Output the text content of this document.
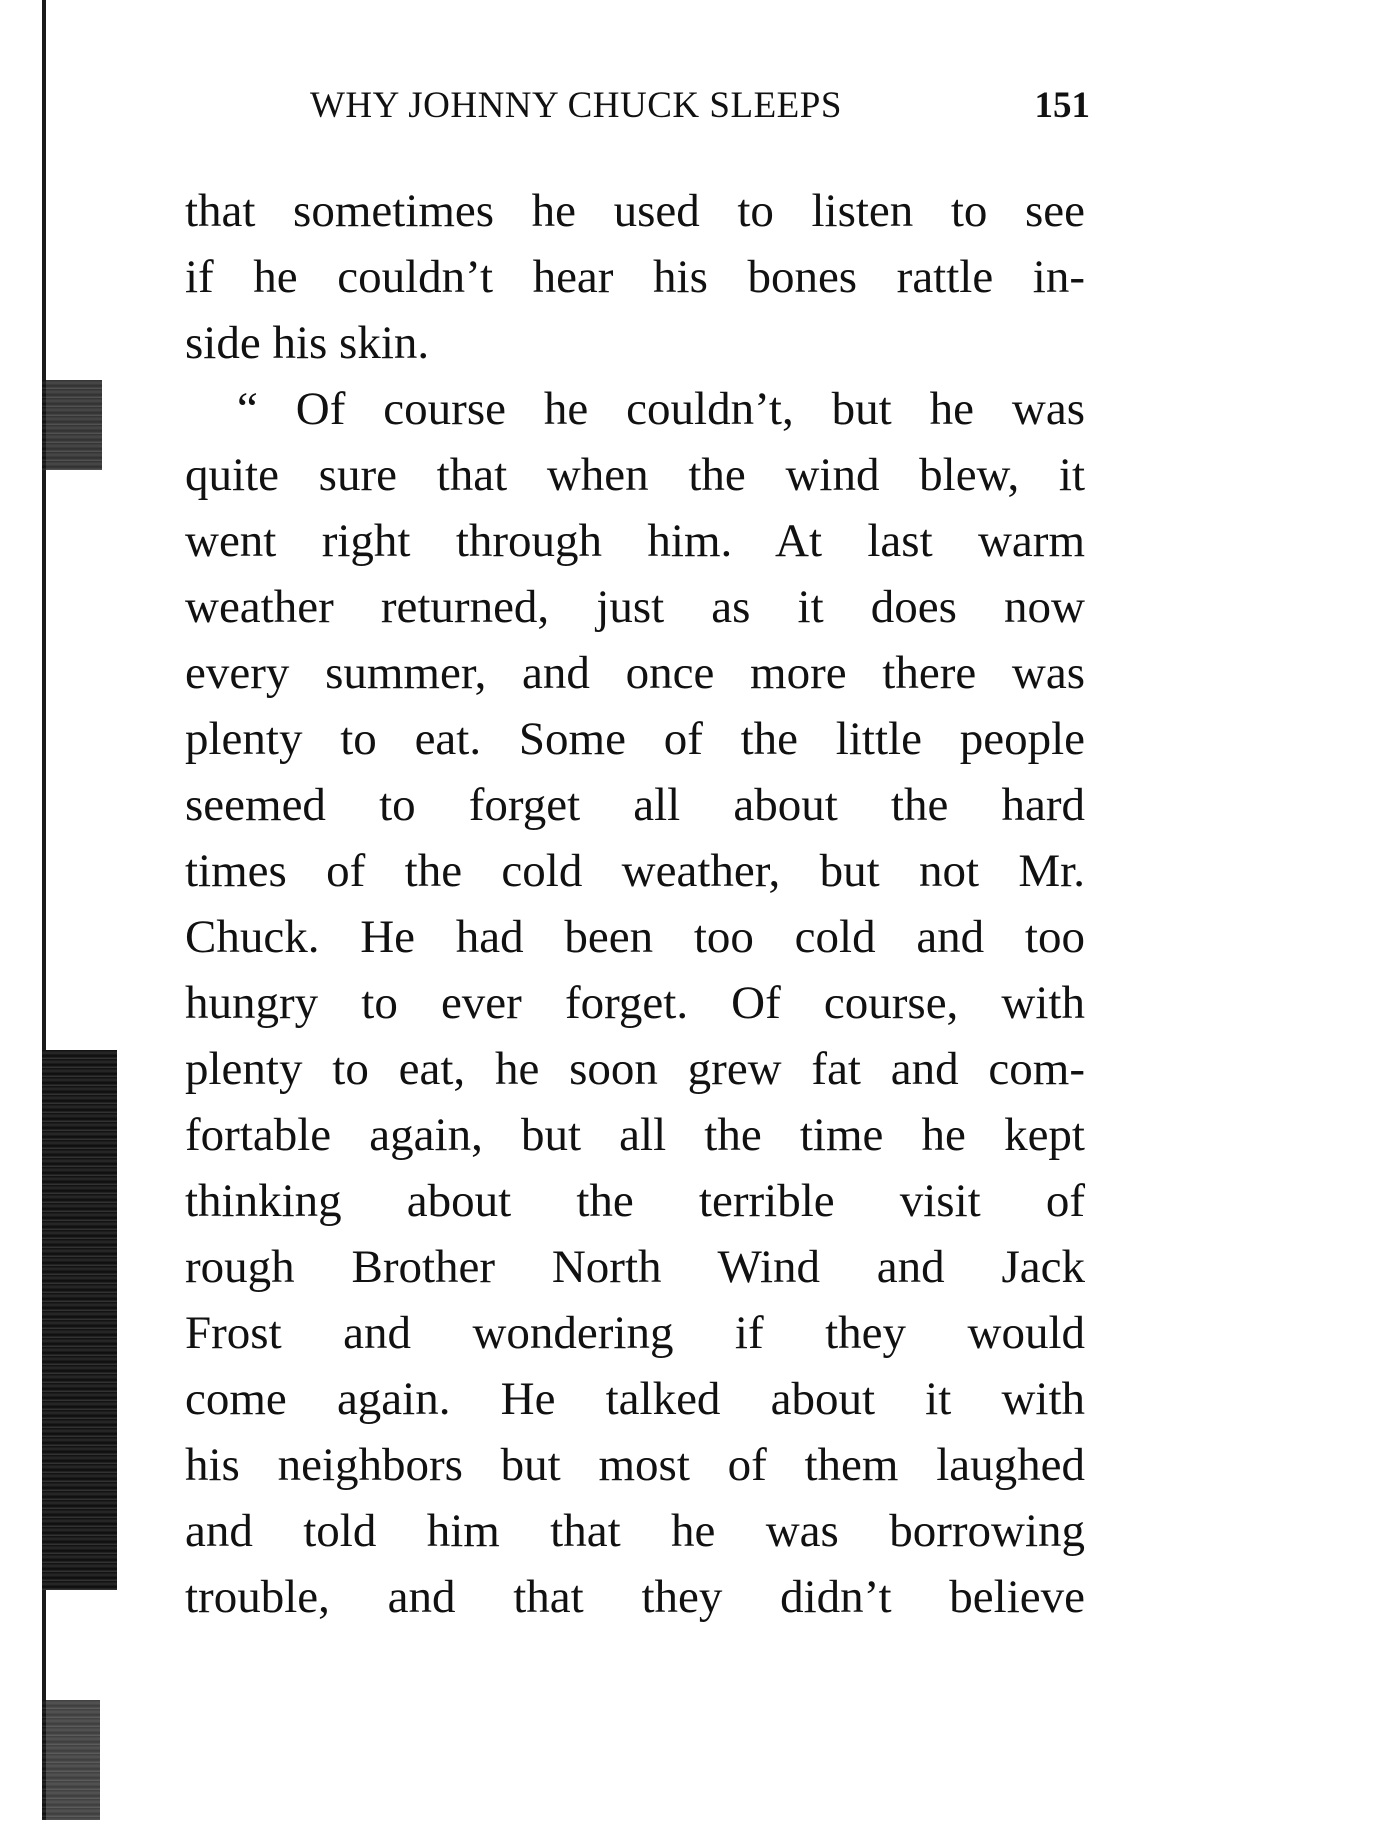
WHY JOHNNY CHUCK SLEEPS	151
that sometimes he used to listen to see
if he couldn’t hear his bones rattle in-
side his skin.
“ Of course he couldn’t, but he was
quite sure that when the wind blew, it
went right through him. At last warm
weather returned, just as it does now
every summer, and once more there was
plenty to eat. Some of the little people
seemed to forget all about the hard
times of the cold weather, but not Mr.
Chuck. He had been too cold and too
hungry to ever forget. Of course, with
plenty to eat, he soon grew fat and com-
fortable again, but all the time he kept
thinking about the terrible visit of
rough Brother North Wind and Jack
Frost and wondering if they would
come again. He talked about it with
his neighbors but most of them laughed
and told him that he was borrowing
trouble, and that they didn’t believe
